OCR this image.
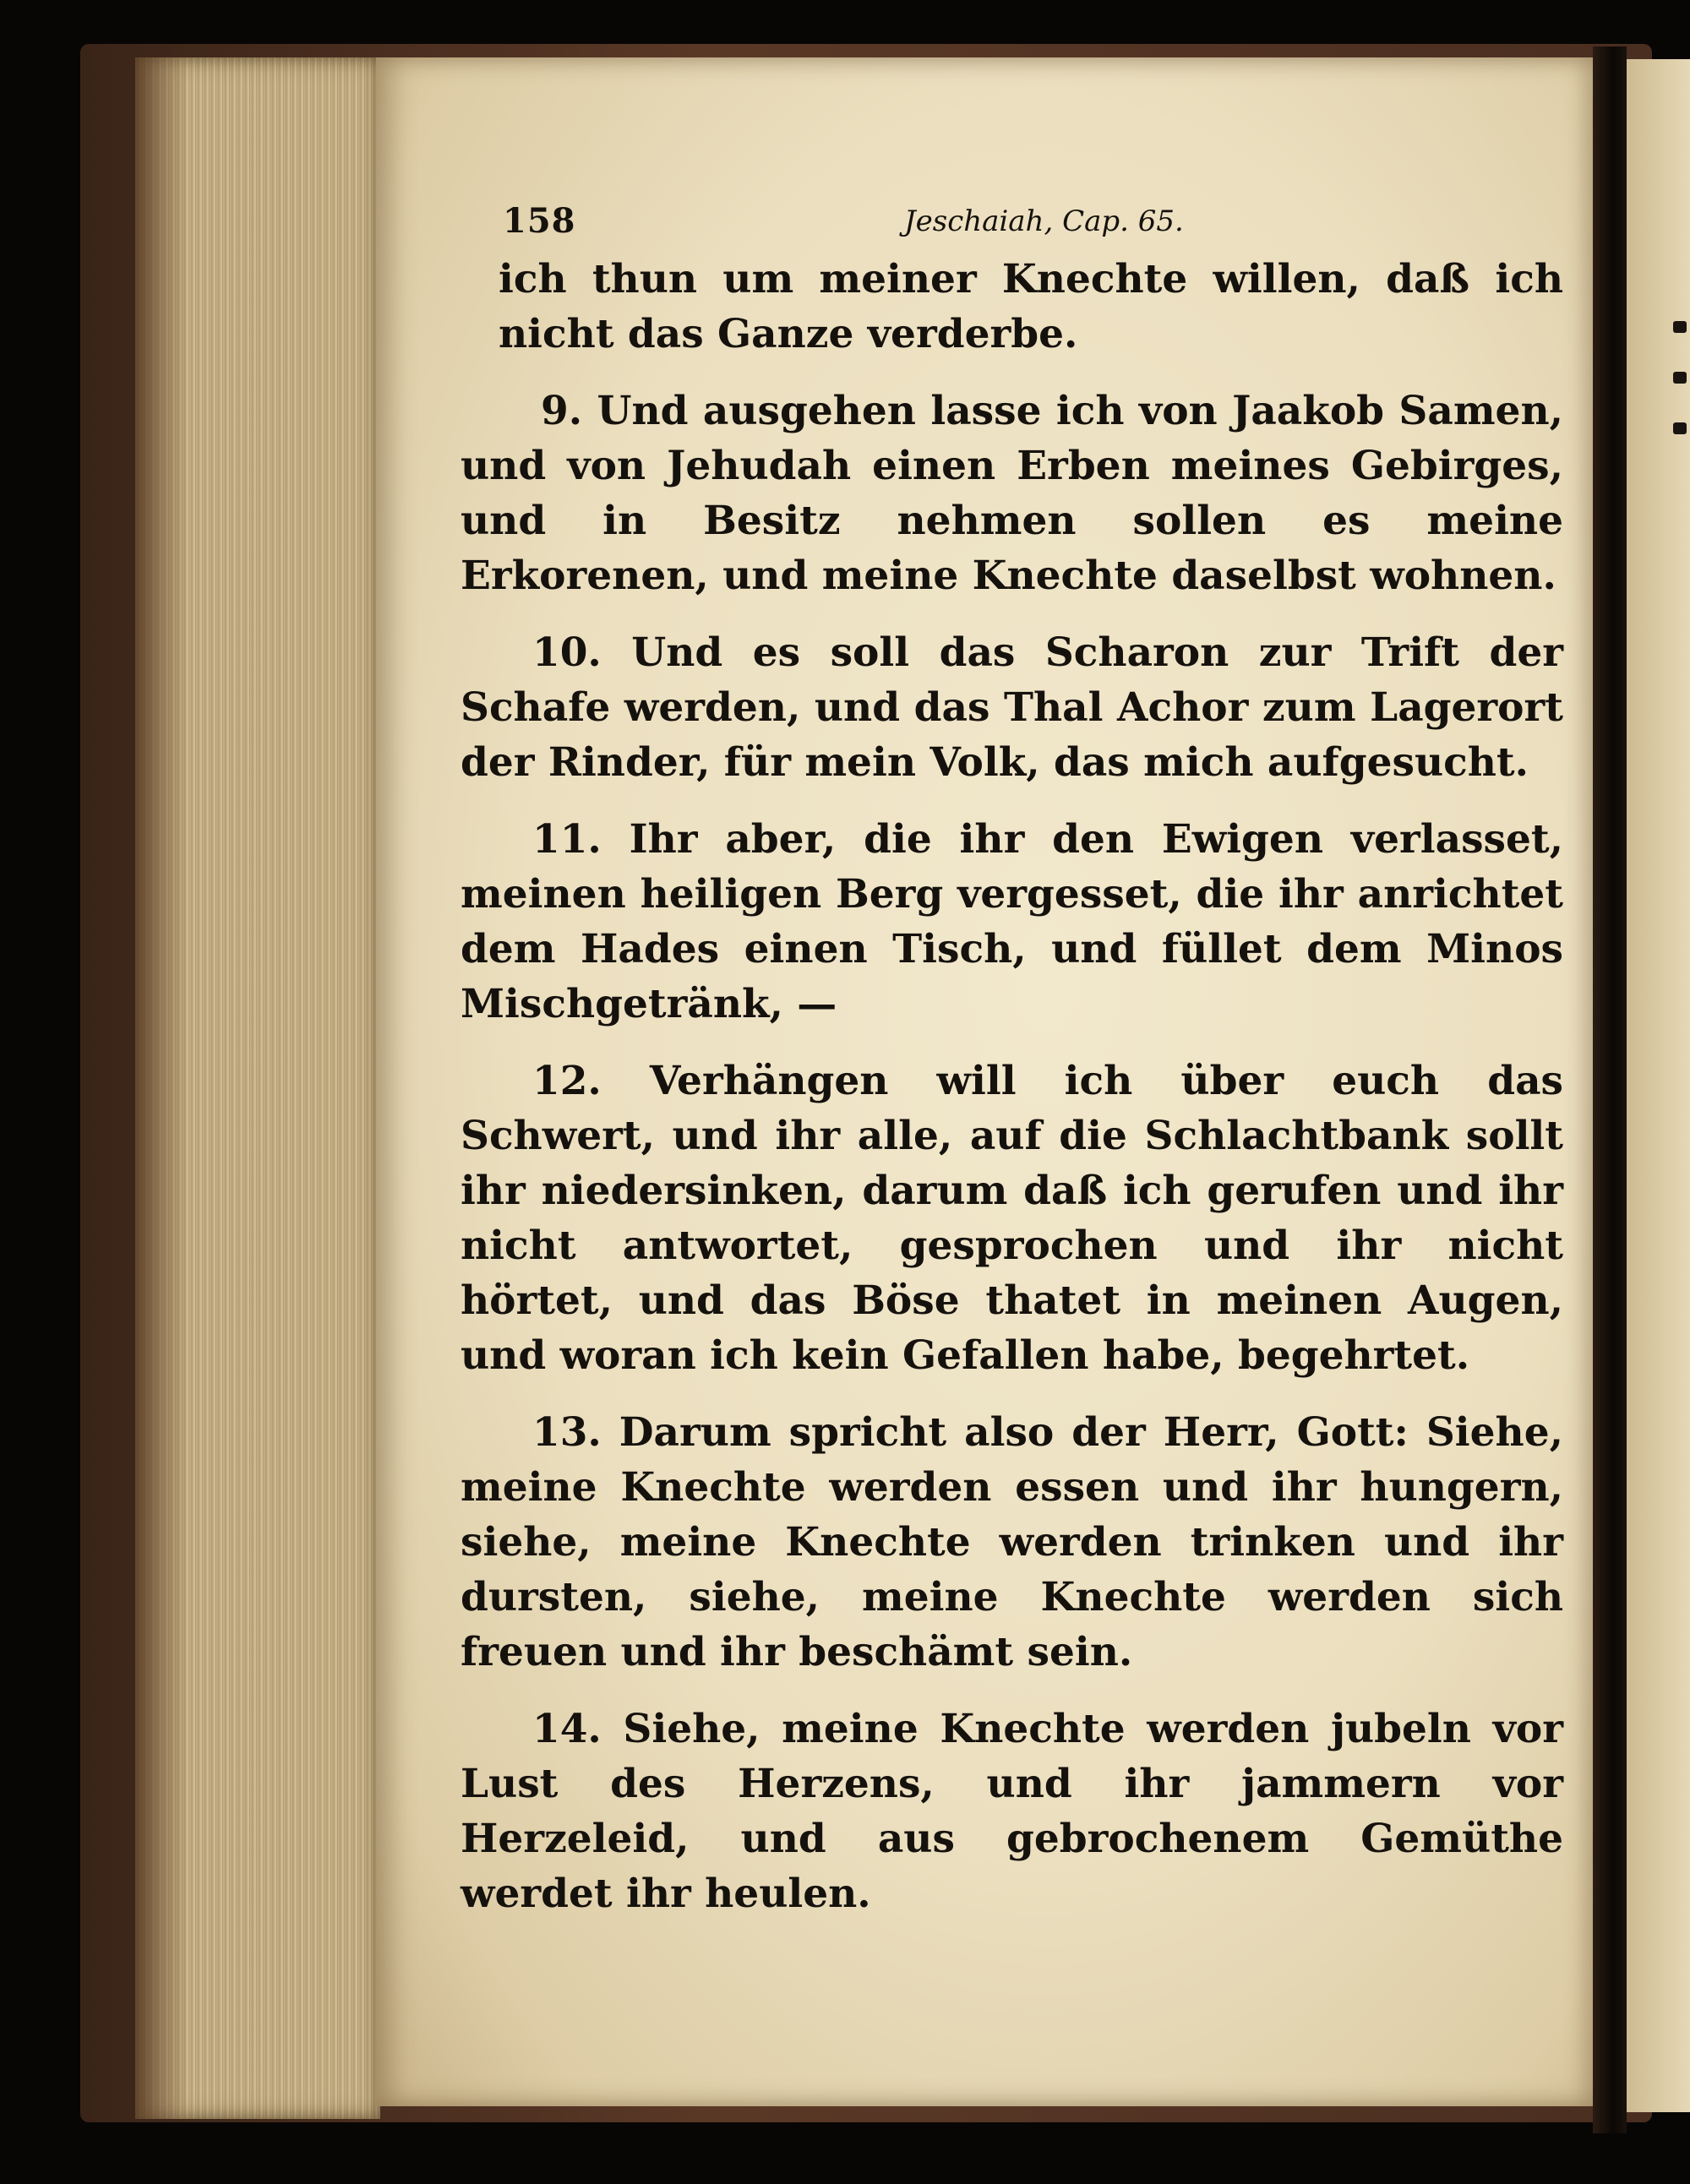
158	Jeschaiah, Cap. 65.

ich thun um meiner Knechte willen, daß ich nicht das Ganze verderbe.

9. Und ausgehen lasse ich von Jaakob Samen, und von Jehudah einen Erben meines Gebirges, und in Besitz nehmen sollen es meine Erkorenen, und meine Knechte daselbst wohnen.

10. Und es soll das Scharon zur Trift der Schafe werden, und das Thal Achor zum Lagerort der Rinder, für mein Volk, das mich aufgesucht.

11. Ihr aber, die ihr den Ewigen verlasset, meinen heiligen Berg vergesset, die ihr anrichtet dem Hades einen Tisch, und füllet dem Minos Mischgetränk, —

12. Verhängen will ich über euch das Schwert, und ihr alle, auf die Schlachtbank sollt ihr niedersinken, darum daß ich gerufen und ihr nicht antwortet, gesprochen und ihr nicht hörtet, und das Böse thatet in meinen Augen, und woran ich kein Gefallen habe, begehrtet.

13. Darum spricht also der Herr, Gott: Siehe, meine Knechte werden essen und ihr hungern, siehe, meine Knechte werden trinken und ihr dursten, siehe, meine Knechte werden sich freuen und ihr beschämt sein.

14. Siehe, meine Knechte werden jubeln vor Lust des Herzens, und ihr jammern vor Herzeleid, und aus gebrochenem Gemüthe werdet ihr heulen.
